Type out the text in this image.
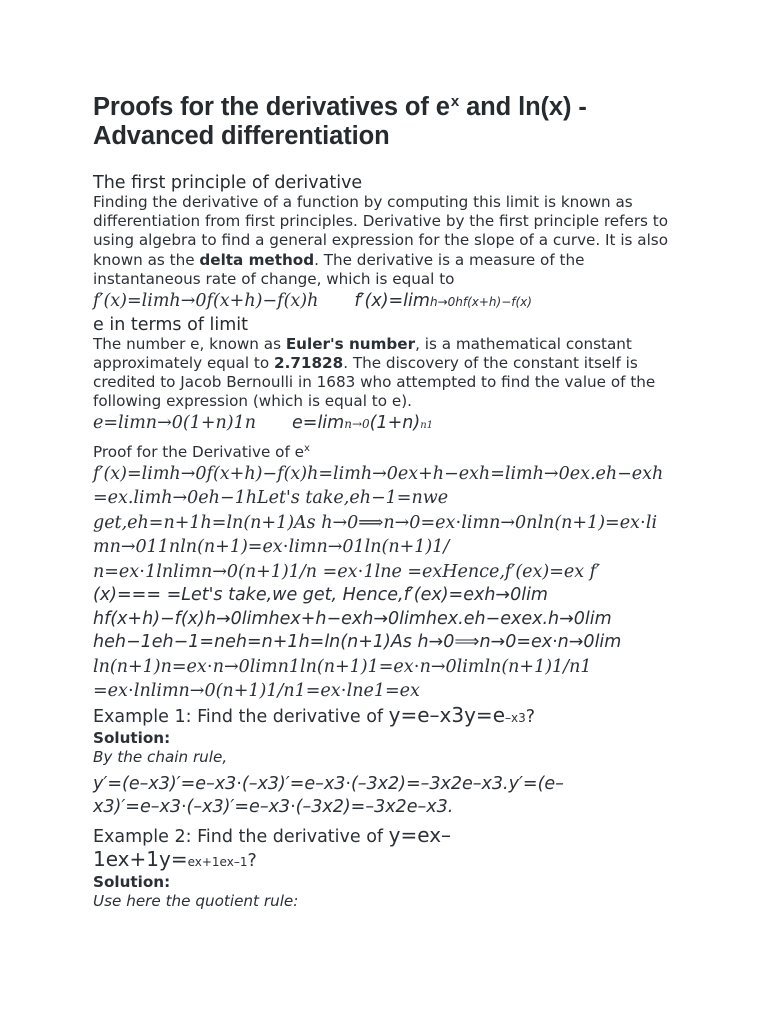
Proofs for the derivatives of $e^x$ and ln(x) -
Advanced differentiation
The first principle of derivative

Finding the derivative of a function by computing this limit is known as differentiation from first principles. Derivative by the first principle refers to using algebra to find a general expression for the slope of a curve. It is also known as the delta method. The derivative is a measure of the instantaneous rate of change, which is equal to

f′(x)=limh→0f(x+h)−f(x)h f′(x)=limh→0hf(x+h)−f(x)
e in terms of limit

The number e, known as Euler's number, is a mathematical constant approximately equal to 2.71828. The discovery of the constant itself is credited to Jacob Bernoulli in 1683 who attempted to find the value of the following expression (which is equal to e).

e=limn→0(1+n)1n e=limn→0(1+n)n1

Proof for the Derivative of $e^x$

f′(x)=limh→0f(x+h)−f(x)h=limh→0ex+h−exh=limh→0ex.eh−exh
=ex.limh→0eh−1hLet's take,eh−1=nwe
get,eh=n+1h=ln(n+1)As h→0⟹n→0=ex⋅limn→0nln(n+1)=ex⋅li
mn→011nln(n+1)=ex⋅limn→01ln(n+1)1/
n=ex⋅1lnlimn→0(n+1)1/n =ex⋅1lne =exHence,f′(ex)=ex f′
(x)=== =Let's take,we get, Hence,f′(ex)=exh→0lim
hf(x+h)−f(x)h→0limhex+h−exh→0limhex.eh−exex.h→0lim
heh−1eh−1=neh=n+1h=ln(n+1)As h→0⟹n→0=ex⋅n→0lim
ln(n+1)n=ex⋅n→0limn1ln(n+1)1=ex⋅n→0limln(n+1)1/n1
=ex⋅lnlimn→0(n+1)1/n1=ex⋅lne1=ex

Example 1: Find the derivative of y=e–x3y=e–x3?

Solution:

By the chain rule,

y′=(e–x3)′=e–x3⋅(–x3)′=e–x3⋅(–3x2)=–3x2e–x3.y′=(e–
x3)′=e–x3⋅(–x3)′=e–x3⋅(–3x2)=–3x2e–x3.

Example 2: Find the derivative of y=ex–
1ex+1y=ex+1ex–1?

Solution:

Use here the quotient rule:
